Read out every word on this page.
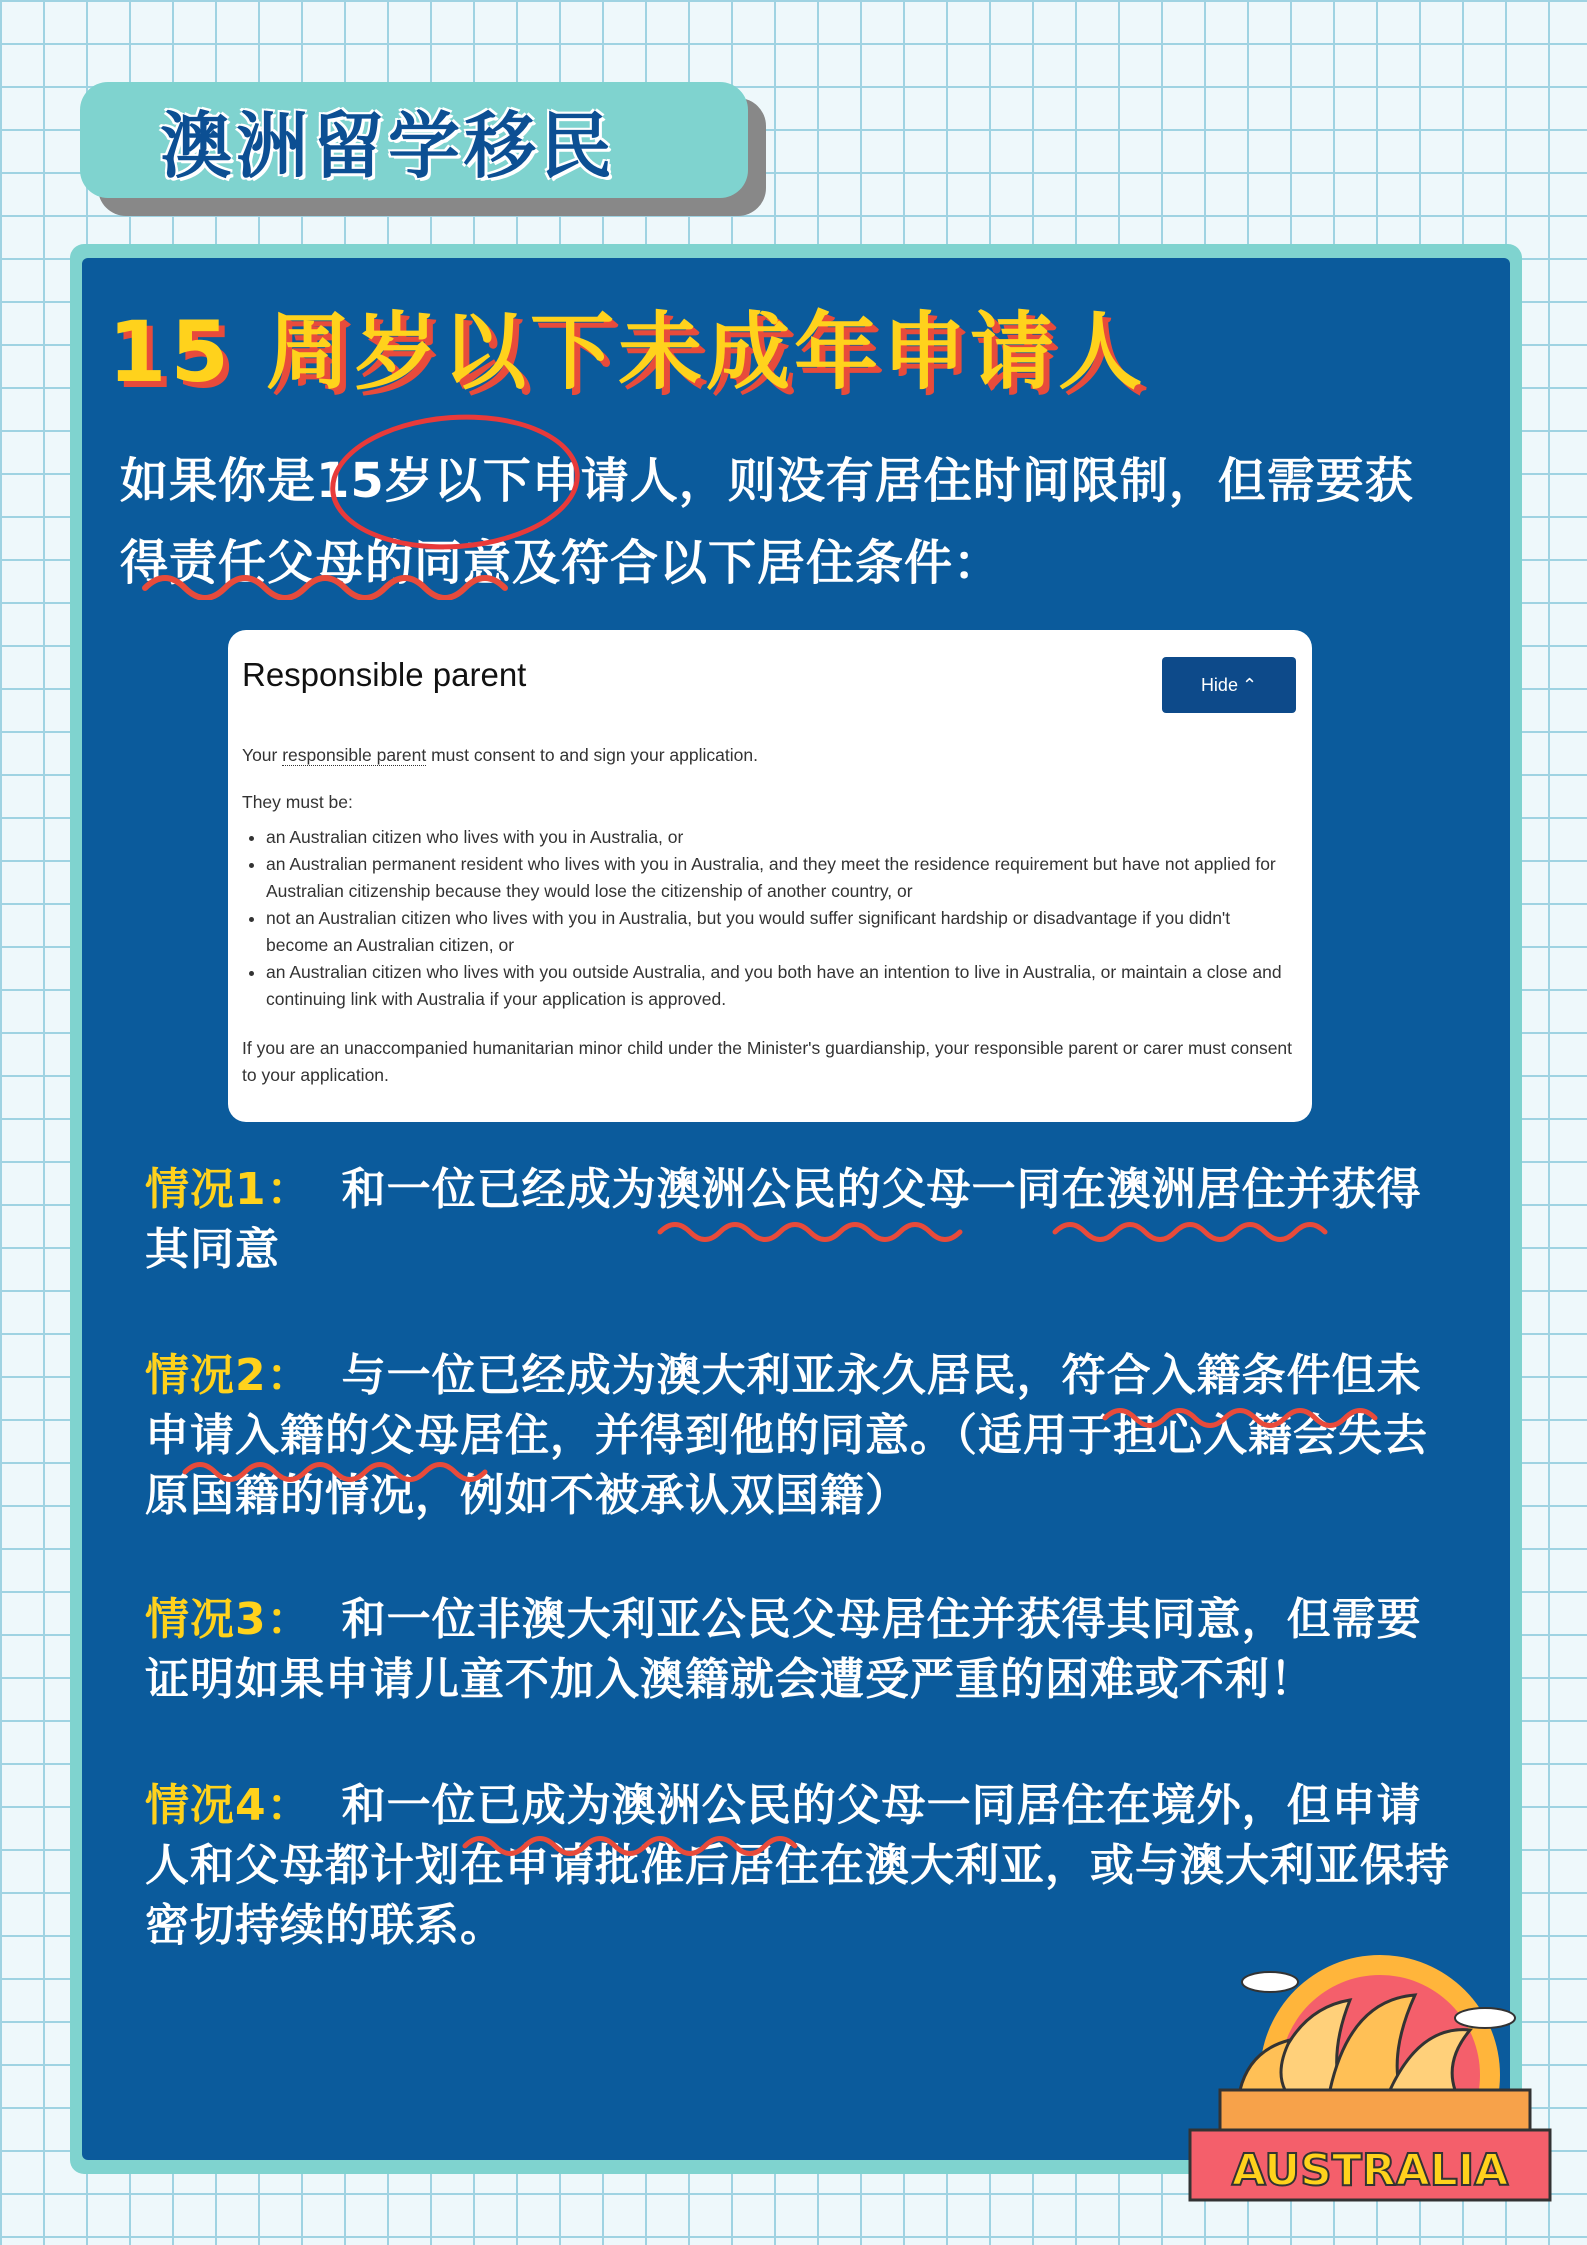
澳洲留学移民
15 周岁以下未成年申请人
如果你是15岁以下申请人，则没有居住时间限制，但需要获得责任父母的同意及符合以下居住条件：
Responsible parent	Hide ⌃

Your responsible parent must consent to and sign your application.

They must be:

• an Australian citizen who lives with you in Australia, or
• an Australian permanent resident who lives with you in Australia, and they meet the residence requirement but have not applied for Australian citizenship because they would lose the citizenship of another country, or
• not an Australian citizen who lives with you in Australia, but you would suffer significant hardship or disadvantage if you didn't become an Australian citizen, or
• an Australian citizen who lives with you outside Australia, and you both have an intention to live in Australia, or maintain a close and continuing link with Australia if your application is approved.

If you are an unaccompanied humanitarian minor child under the Minister's guardianship, your responsible parent or carer must consent to your application.

情况1： 和一位已经成为澳洲公民的父母一同在澳洲居住并获得其同意
情况2： 与一位已经成为澳大利亚永久居民，符合入籍条件但未申请入籍的父母居住，并得到他的同意。（适用于担心入籍会失去原国籍的情况，例如不被承认双国籍）
情况3： 和一位非澳大利亚公民父母居住并获得其同意，但需要证明如果申请儿童不加入澳籍就会遭受严重的困难或不利！
情况4： 和一位已成为澳洲公民的父母一同居住在境外，但申请人和父母都计划在申请批准后居住在澳大利亚，或与澳大利亚保持密切持续的联系。
AUSTRALIA
